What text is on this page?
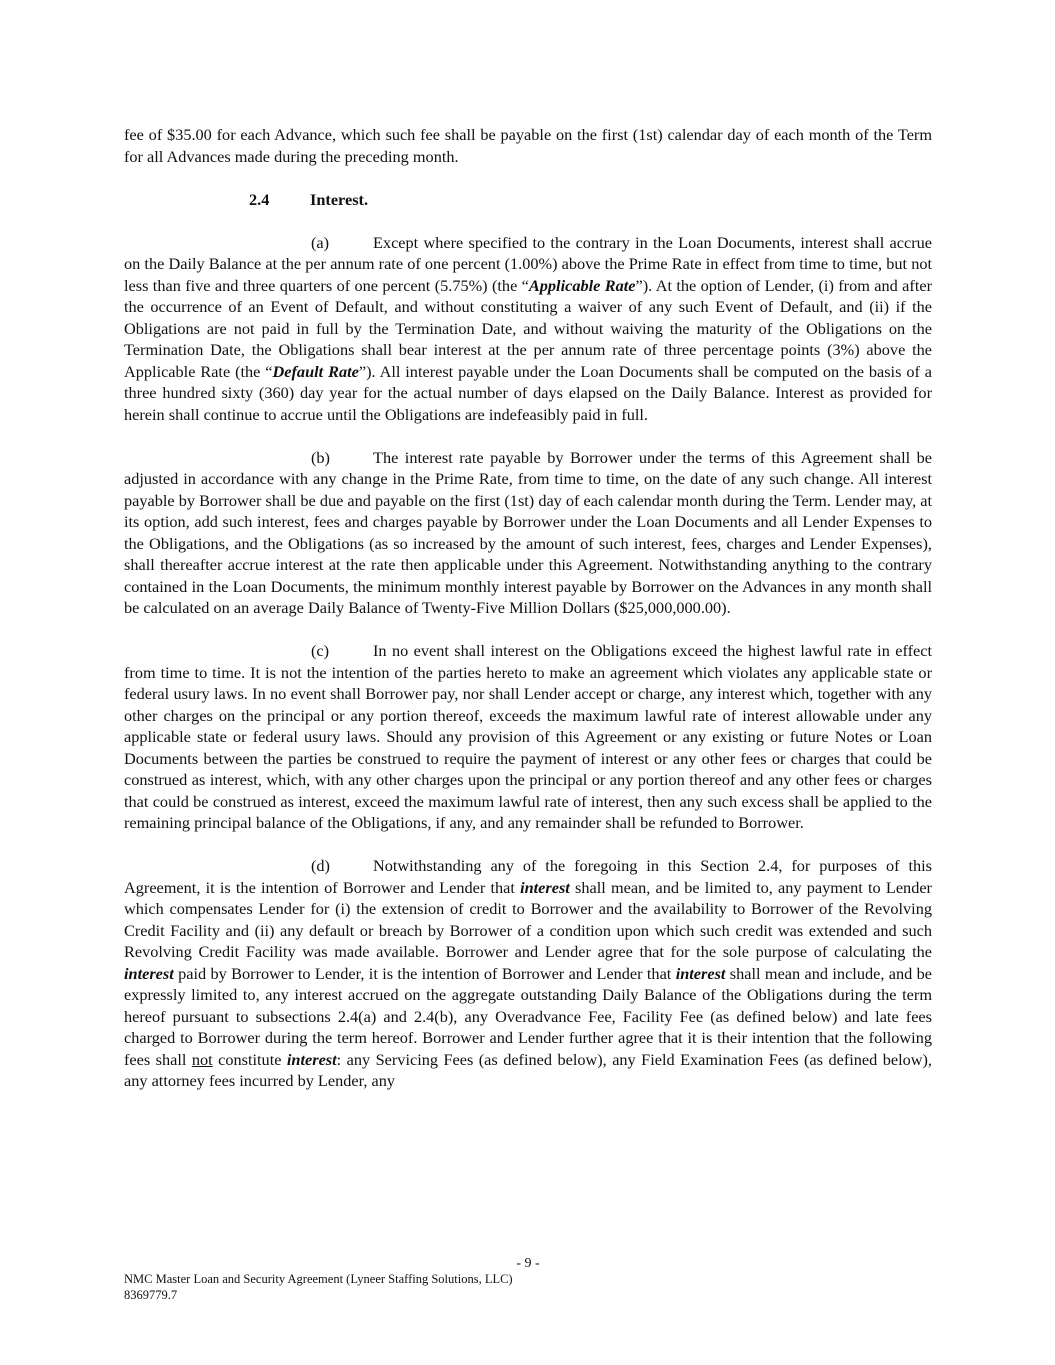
fee of $35.00 for each Advance, which such fee shall be payable on the first (1st) calendar day of each month of the Term for all Advances made during the preceding month.

2.4 Interest.

(a)	Except where specified to the contrary in the Loan Documents, interest shall accrue on the Daily Balance at the per annum rate of one percent (1.00%) above the Prime Rate in effect from time to time, but not less than five and three quarters of one percent (5.75%) (the “Applicable Rate”). At the option of Lender, (i) from and after the occurrence of an Event of Default, and without constituting a waiver of any such Event of Default, and (ii) if the Obligations are not paid in full by the Termination Date, and without waiving the maturity of the Obligations on the Termination Date, the Obligations shall bear interest at the per annum rate of three percentage points (3%) above the Applicable Rate (the “Default Rate”). All interest payable under the Loan Documents shall be computed on the basis of a three hundred sixty (360) day year for the actual number of days elapsed on the Daily Balance. Interest as provided for herein shall continue to accrue until the Obligations are indefeasibly paid in full.

(b)	The interest rate payable by Borrower under the terms of this Agreement shall be adjusted in accordance with any change in the Prime Rate, from time to time, on the date of any such change. All interest payable by Borrower shall be due and payable on the first (1st) day of each calendar month during the Term. Lender may, at its option, add such interest, fees and charges payable by Borrower under the Loan Documents and all Lender Expenses to the Obligations, and the Obligations (as so increased by the amount of such interest, fees, charges and Lender Expenses), shall thereafter accrue interest at the rate then applicable under this Agreement. Notwithstanding anything to the contrary contained in the Loan Documents, the minimum monthly interest payable by Borrower on the Advances in any month shall be calculated on an average Daily Balance of Twenty-Five Million Dollars ($25,000,000.00).

(c)	In no event shall interest on the Obligations exceed the highest lawful rate in effect from time to time. It is not the intention of the parties hereto to make an agreement which violates any applicable state or federal usury laws. In no event shall Borrower pay, nor shall Lender accept or charge, any interest which, together with any other charges on the principal or any portion thereof, exceeds the maximum lawful rate of interest allowable under any applicable state or federal usury laws. Should any provision of this Agreement or any existing or future Notes or Loan Documents between the parties be construed to require the payment of interest or any other fees or charges that could be construed as interest, which, with any other charges upon the principal or any portion thereof and any other fees or charges that could be construed as interest, exceed the maximum lawful rate of interest, then any such excess shall be applied to the remaining principal balance of the Obligations, if any, and any remainder shall be refunded to Borrower.

(d)	Notwithstanding any of the foregoing in this Section 2.4, for purposes of this Agreement, it is the intention of Borrower and Lender that interest shall mean, and be limited to, any payment to Lender which compensates Lender for (i) the extension of credit to Borrower and the availability to Borrower of the Revolving Credit Facility and (ii) any default or breach by Borrower of a condition upon which such credit was extended and such Revolving Credit Facility was made available. Borrower and Lender agree that for the sole purpose of calculating the interest paid by Borrower to Lender, it is the intention of Borrower and Lender that interest shall mean and include, and be expressly limited to, any interest accrued on the aggregate outstanding Daily Balance of the Obligations during the term hereof pursuant to subsections 2.4(a) and 2.4(b), any Overadvance Fee, Facility Fee (as defined below) and late fees charged to Borrower during the term hereof. Borrower and Lender further agree that it is their intention that the following fees shall not constitute interest: any Servicing Fees (as defined below), any Field Examination Fees (as defined below), any attorney fees incurred by Lender, any

- 9 -
NMC Master Loan and Security Agreement (Lyneer Staffing Solutions, LLC)
8369779.7
